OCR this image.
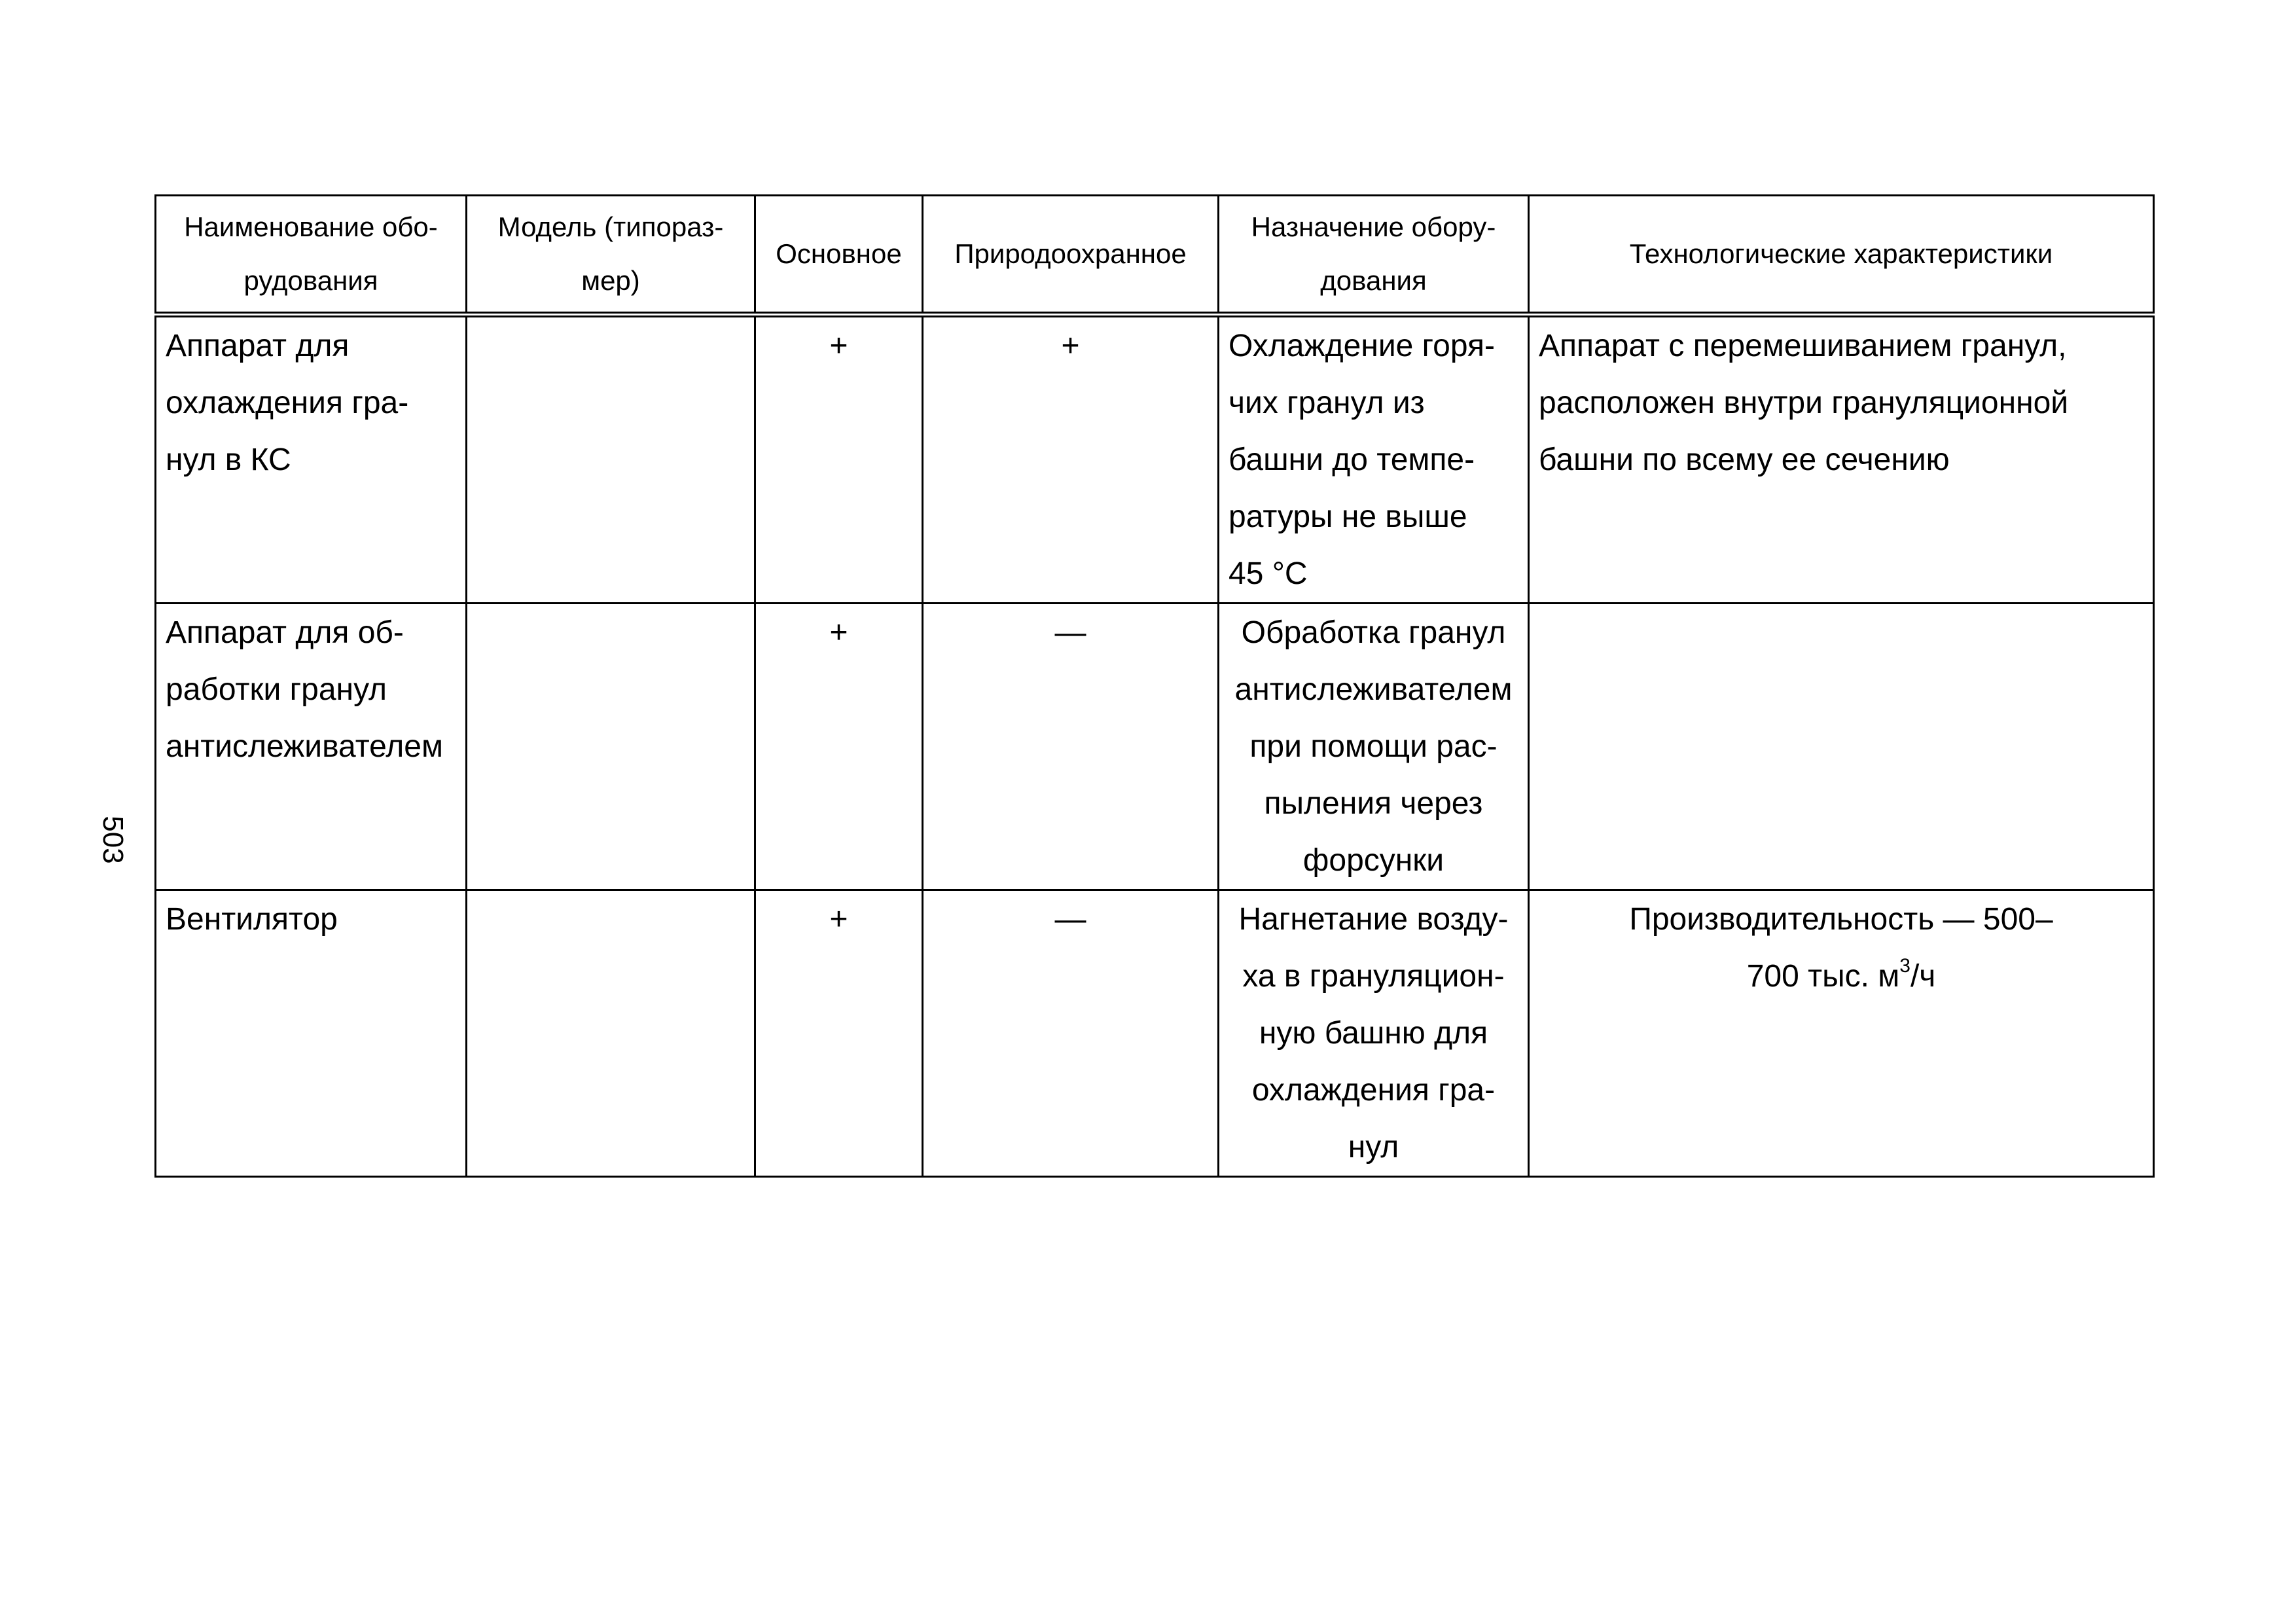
503
Наименование обо-
рудования	Модель (типораз-
мер)	Основное	Природоохранное	Назначение обору-
дования	Технологические характеристики

Аппарат для
охлаждения гра-
нул в КС		+	+	Охлаждение горя-
чих гранул из
башни до темпе-
ратуры не выше
45 °C	Аппарат с перемешиванием гранул,
расположен внутри грануляционной
башни по всему ее сечению

Аппарат для об-
работки гранул
антислеживателем		+	—	Обработка гранул
антислеживателем
при помощи рас-
пыления через
форсунки	

Вентилятор		+	—	Нагнетание возду-
ха в грануляцион-
ную башню для
охлаждения гра-
нул	Производительность — 500–
700 тыс. $м^3/ч$
